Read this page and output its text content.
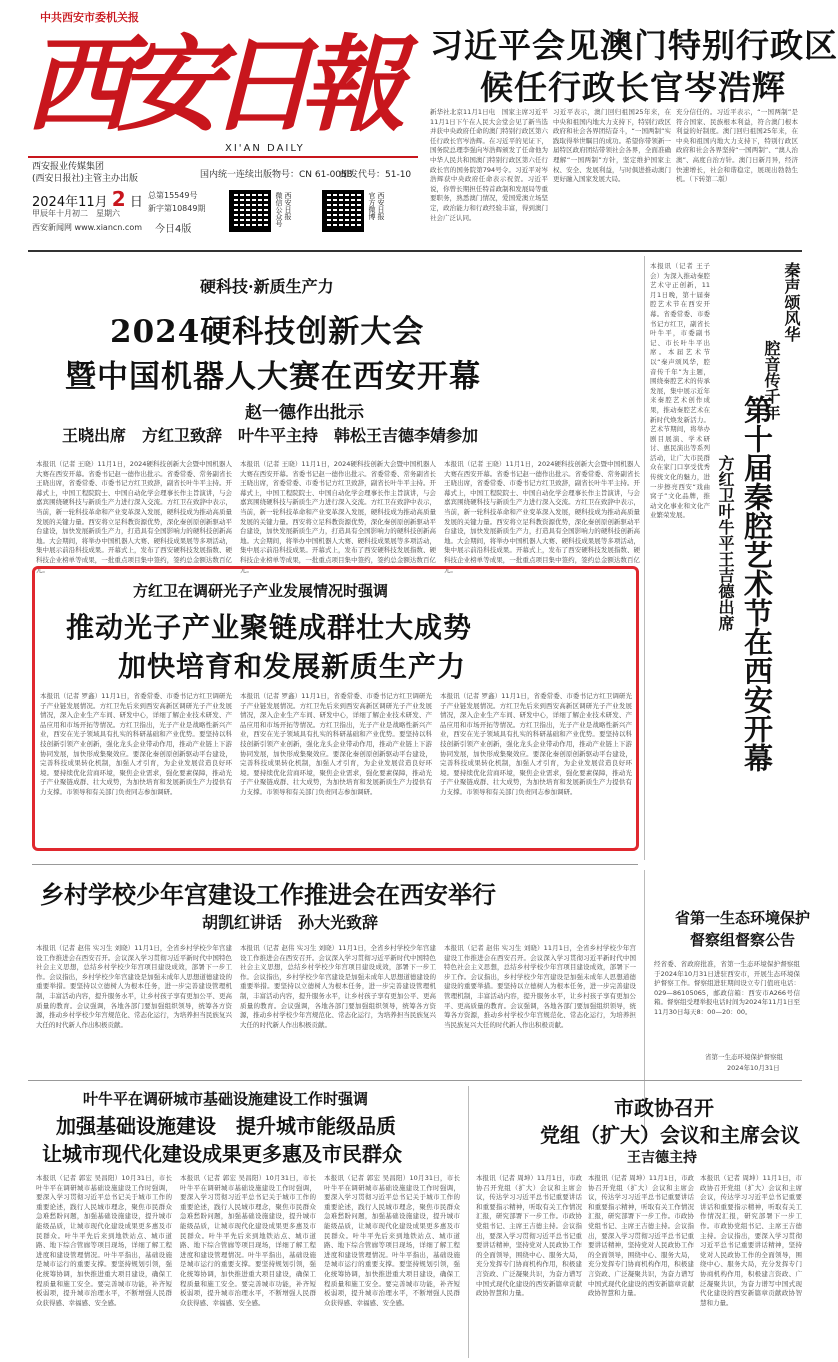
中共西安市委机关报
西安日報
XI'AN DAILY
西安报业传媒集团
(西安日报社)主管主办出版	国内统一连续出版物号：CN 61-0058
邮发代号：51-10
2024年11月 2 日
甲辰年十月初二　星期六
西安新闻网 www.xiancn.com
总第15549号
新字第10849期
今日4版
西安日报
微信公众号	西安日报
官方微博
习近平会见澳门特别行政区
候任行政长官岑浩辉
新华社北京11月1日电　国家主席习近平11月1日下午在人民大会堂会见了新当选并获中央政府任命的澳门特别行政区第六任行政长官岑浩辉。在习近平的见证下，国务院总理李强向岑浩辉颁发了任命他为中华人民共和国澳门特别行政区第六任行政长官的国务院第794号令。习近平对岑浩辉获中央政府任命表示祝贺。习近平说，你曾长期担任特首政制和发展局等重要职务，熟悉澳门情况，爱国爱澳立场坚定，政治能力和行政经验丰富，得到澳门社会广泛认同。
习近平表示，澳门回归祖国25年来，在中央和祖国内地大力支持下，特别行政区政府和社会各界团结奋斗，“一国两制”实践取得举世瞩目的成功。希望你带领新一届特区政府团结带领社会各界，全面准确理解“一国两制”方针，坚定维护国家主权、安全、发展利益，与时俱进推动澳门更好融入国家发展大局。
充分信任的。习近平表示，“一国两制”是符合国家、民族根本利益，符合澳门根本利益的好制度。澳门回归祖国25年来，在中央和祖国内地大力支持下，特别行政区政府和社会各界坚持“一国两制”、“澳人治澳”、高度自治方针。澳门日新月异，经济快速增长，社会和谐稳定，展现出勃勃生机。（下转第二版）
硬科技·新质生产力
2024硬科技创新大会
暨中国机器人大赛在西安开幕
赵一德作出批示
王晓出席　方红卫致辞　叶牛平主持　韩松王吉德李婧参加
本报讯（记者 王晓）11月1日，2024硬科技创新大会暨中国机器人大赛在西安开幕。省委书记赵一德作出批示。省委常委、常务副省长王晓出席，省委常委、市委书记方红卫致辞，副省长叶牛平主持。开幕式上，中国工程院院士、中国自动化学会理事长作主旨演讲，与会嘉宾围绕硬科技与新质生产力进行深入交流。方红卫在致辞中表示，当前，新一轮科技革命和产业变革深入发展，硬科技成为推动高质量发展的关键力量。西安将立足科教资源优势，深化秦创原创新驱动平台建设，加快发展新质生产力，打造具有全国影响力的硬科技创新高地。大会期间，将举办中国机器人大赛、硬科技成果展等多项活动，集中展示前沿科技成果。开幕式上，发布了西安硬科技发展指数、硬科技企业榜单等成果，一批重点项目集中签约，签约总金额达数百亿元。
本报讯（记者 王晓）11月1日，2024硬科技创新大会暨中国机器人大赛在西安开幕。省委书记赵一德作出批示。省委常委、常务副省长王晓出席，省委常委、市委书记方红卫致辞，副省长叶牛平主持。开幕式上，中国工程院院士、中国自动化学会理事长作主旨演讲，与会嘉宾围绕硬科技与新质生产力进行深入交流。方红卫在致辞中表示，当前，新一轮科技革命和产业变革深入发展，硬科技成为推动高质量发展的关键力量。西安将立足科教资源优势，深化秦创原创新驱动平台建设，加快发展新质生产力，打造具有全国影响力的硬科技创新高地。大会期间，将举办中国机器人大赛、硬科技成果展等多项活动，集中展示前沿科技成果。开幕式上，发布了西安硬科技发展指数、硬科技企业榜单等成果，一批重点项目集中签约，签约总金额达数百亿元。
本报讯（记者 王晓）11月1日，2024硬科技创新大会暨中国机器人大赛在西安开幕。省委书记赵一德作出批示。省委常委、常务副省长王晓出席，省委常委、市委书记方红卫致辞，副省长叶牛平主持。开幕式上，中国工程院院士、中国自动化学会理事长作主旨演讲，与会嘉宾围绕硬科技与新质生产力进行深入交流。方红卫在致辞中表示，当前，新一轮科技革命和产业变革深入发展，硬科技成为推动高质量发展的关键力量。西安将立足科教资源优势，深化秦创原创新驱动平台建设，加快发展新质生产力，打造具有全国影响力的硬科技创新高地。大会期间，将举办中国机器人大赛、硬科技成果展等多项活动，集中展示前沿科技成果。开幕式上，发布了西安硬科技发展指数、硬科技企业榜单等成果，一批重点项目集中签约，签约总金额达数百亿元。
方红卫在调研光子产业发展情况时强调
推动光子产业聚链成群壮大成势
加快培育和发展新质生产力
本报讯（记者 罗鑫）11月1日，省委常委、市委书记方红卫调研光子产业链发展情况。方红卫先后来到西安高新区调研光子产业发展情况，深入企业生产车间、研发中心，详细了解企业技术研发、产品应用和市场开拓等情况。方红卫指出，光子产业是战略性新兴产业，西安在光子领域具有扎实的科研基础和产业优势。要坚持以科技创新引领产业创新，强化龙头企业带动作用，推动产业链上下游协同发展，加快形成集聚效应。要深化秦创原创新驱动平台建设，完善科技成果转化机制，加强人才引育，为企业发展营造良好环境。要持续优化营商环境，聚焦企业需求，强化要素保障，推动光子产业聚链成群、壮大成势，为加快培育和发展新质生产力提供有力支撑。市领导和有关部门负责同志参加调研。
本报讯（记者 罗鑫）11月1日，省委常委、市委书记方红卫调研光子产业链发展情况。方红卫先后来到西安高新区调研光子产业发展情况，深入企业生产车间、研发中心，详细了解企业技术研发、产品应用和市场开拓等情况。方红卫指出，光子产业是战略性新兴产业，西安在光子领域具有扎实的科研基础和产业优势。要坚持以科技创新引领产业创新，强化龙头企业带动作用，推动产业链上下游协同发展，加快形成集聚效应。要深化秦创原创新驱动平台建设，完善科技成果转化机制，加强人才引育，为企业发展营造良好环境。要持续优化营商环境，聚焦企业需求，强化要素保障，推动光子产业聚链成群、壮大成势，为加快培育和发展新质生产力提供有力支撑。市领导和有关部门负责同志参加调研。
本报讯（记者 罗鑫）11月1日，省委常委、市委书记方红卫调研光子产业链发展情况。方红卫先后来到西安高新区调研光子产业发展情况，深入企业生产车间、研发中心，详细了解企业技术研发、产品应用和市场开拓等情况。方红卫指出，光子产业是战略性新兴产业，西安在光子领域具有扎实的科研基础和产业优势。要坚持以科技创新引领产业创新，强化龙头企业带动作用，推动产业链上下游协同发展，加快形成集聚效应。要深化秦创原创新驱动平台建设，完善科技成果转化机制，加强人才引育，为企业发展营造良好环境。要持续优化营商环境，聚焦企业需求，强化要素保障，推动光子产业聚链成群、壮大成势，为加快培育和发展新质生产力提供有力支撑。市领导和有关部门负责同志参加调研。
本报讯（记者 王子会）为深入推动秦腔艺术守正创新，11月1日晚，第十届秦腔艺术节在西安开幕。省委常委、市委书记方红卫，副省长叶牛平，市委副书记、市长叶牛平出席。本届艺术节以“秦声颂风华，腔音传千年”为主题，围绕秦腔艺术的传承发展，集中展示近年来秦腔艺术创作成果，推动秦腔艺术在新时代焕发新活力。艺术节期间，将举办剧目展演、学术研讨、惠民演出等系列活动，让广大市民群众在家门口享受优秀传统文化的魅力，进一步擦亮西安“戏曲窝子”文化品牌，推动文化事业和文化产业繁荣发展。
秦声颂风华
腔音传千年
第十届秦腔艺术节在西安开幕
方红卫叶牛平王吉德出席
省第一生态环境保护
督察组督察公告
经省委、省政府批准，省第一生态环境保护督察组于2024年10月31日进驻西安市，开展生态环境保护督察工作。督察组进驻期间设立专门值班电话：029—86105065，邮政信箱：西安市A266号信箱。督察组受理举报电话时间为2024年11月1日至11月30日每天8：00—20：00。
省第一生态环境保护督察组
2024年10月31日
乡村学校少年宫建设工作推进会在西安举行
胡凯红讲话　孙大光致辞
本报讯（记者 赵伟 实习生 刘晓）11月1日，全省乡村学校少年宫建设工作推进会在西安召开。会议深入学习贯彻习近平新时代中国特色社会主义思想，总结乡村学校少年宫项目建设成效，部署下一步工作。会议指出，乡村学校少年宫建设是加强未成年人思想道德建设的重要举措。要坚持以立德树人为根本任务，进一步完善建设管理机制，丰富活动内容，提升服务水平，让乡村孩子享有更加公平、更高质量的教育。会议强调，各地各部门要加强组织领导，统筹各方资源，推动乡村学校少年宫规范化、常态化运行，为培养担当民族复兴大任的时代新人作出积极贡献。
本报讯（记者 赵伟 实习生 刘晓）11月1日，全省乡村学校少年宫建设工作推进会在西安召开。会议深入学习贯彻习近平新时代中国特色社会主义思想，总结乡村学校少年宫项目建设成效，部署下一步工作。会议指出，乡村学校少年宫建设是加强未成年人思想道德建设的重要举措。要坚持以立德树人为根本任务，进一步完善建设管理机制，丰富活动内容，提升服务水平，让乡村孩子享有更加公平、更高质量的教育。会议强调，各地各部门要加强组织领导，统筹各方资源，推动乡村学校少年宫规范化、常态化运行，为培养担当民族复兴大任的时代新人作出积极贡献。
本报讯（记者 赵伟 实习生 刘晓）11月1日，全省乡村学校少年宫建设工作推进会在西安召开。会议深入学习贯彻习近平新时代中国特色社会主义思想，总结乡村学校少年宫项目建设成效，部署下一步工作。会议指出，乡村学校少年宫建设是加强未成年人思想道德建设的重要举措。要坚持以立德树人为根本任务，进一步完善建设管理机制，丰富活动内容，提升服务水平，让乡村孩子享有更加公平、更高质量的教育。会议强调，各地各部门要加强组织领导，统筹各方资源，推动乡村学校少年宫规范化、常态化运行，为培养担当民族复兴大任的时代新人作出积极贡献。
叶牛平在调研城市基础设施建设工作时强调
加强基础设施建设　提升城市能级品质
让城市现代化建设成果更多惠及市民群众
本报讯（记者 郭宏 吴昌阳）10月31日，市长叶牛平在调研城市基础设施建设工作时强调，要深入学习贯彻习近平总书记关于城市工作的重要论述，践行人民城市理念，聚焦市民群众急难愁盼问题，加强基础设施建设，提升城市能级品质，让城市现代化建设成果更多惠及市民群众。叶牛平先后来到地铁站点、城市道路、地下综合管廊等项目现场，详细了解工程进度和建设管理情况。叶牛平指出，基础设施是城市运行的重要支撑。要坚持规划引领，强化统筹协调，加快推进重大项目建设，确保工程质量和施工安全。要完善城市功能，补齐短板弱项，提升城市治理水平，不断增强人民群众获得感、幸福感、安全感。
本报讯（记者 郭宏 吴昌阳）10月31日，市长叶牛平在调研城市基础设施建设工作时强调，要深入学习贯彻习近平总书记关于城市工作的重要论述，践行人民城市理念，聚焦市民群众急难愁盼问题，加强基础设施建设，提升城市能级品质，让城市现代化建设成果更多惠及市民群众。叶牛平先后来到地铁站点、城市道路、地下综合管廊等项目现场，详细了解工程进度和建设管理情况。叶牛平指出，基础设施是城市运行的重要支撑。要坚持规划引领，强化统筹协调，加快推进重大项目建设，确保工程质量和施工安全。要完善城市功能，补齐短板弱项，提升城市治理水平，不断增强人民群众获得感、幸福感、安全感。
本报讯（记者 郭宏 吴昌阳）10月31日，市长叶牛平在调研城市基础设施建设工作时强调，要深入学习贯彻习近平总书记关于城市工作的重要论述，践行人民城市理念，聚焦市民群众急难愁盼问题，加强基础设施建设，提升城市能级品质，让城市现代化建设成果更多惠及市民群众。叶牛平先后来到地铁站点、城市道路、地下综合管廊等项目现场，详细了解工程进度和建设管理情况。叶牛平指出，基础设施是城市运行的重要支撑。要坚持规划引领，强化统筹协调，加快推进重大项目建设，确保工程质量和施工安全。要完善城市功能，补齐短板弱项，提升城市治理水平，不断增强人民群众获得感、幸福感、安全感。
市政协召开
党组（扩大）会议和主席会议
王吉德主持
本报讯（记者 周坤）11月1日，市政协召开党组（扩大）会议和主席会议，传达学习习近平总书记重要讲话和重要指示精神，听取有关工作情况汇报，研究部署下一步工作。市政协党组书记、主席王吉德主持。会议指出，要深入学习贯彻习近平总书记重要讲话精神，坚持党对人民政协工作的全面领导，围绕中心、服务大局，充分发挥专门协商机构作用，积极建言资政、广泛凝聚共识，为奋力谱写中国式现代化建设的西安新篇章贡献政协智慧和力量。
本报讯（记者 周坤）11月1日，市政协召开党组（扩大）会议和主席会议，传达学习习近平总书记重要讲话和重要指示精神，听取有关工作情况汇报，研究部署下一步工作。市政协党组书记、主席王吉德主持。会议指出，要深入学习贯彻习近平总书记重要讲话精神，坚持党对人民政协工作的全面领导，围绕中心、服务大局，充分发挥专门协商机构作用，积极建言资政、广泛凝聚共识，为奋力谱写中国式现代化建设的西安新篇章贡献政协智慧和力量。
本报讯（记者 周坤）11月1日，市政协召开党组（扩大）会议和主席会议，传达学习习近平总书记重要讲话和重要指示精神，听取有关工作情况汇报，研究部署下一步工作。市政协党组书记、主席王吉德主持。会议指出，要深入学习贯彻习近平总书记重要讲话精神，坚持党对人民政协工作的全面领导，围绕中心、服务大局，充分发挥专门协商机构作用，积极建言资政、广泛凝聚共识，为奋力谱写中国式现代化建设的西安新篇章贡献政协智慧和力量。
